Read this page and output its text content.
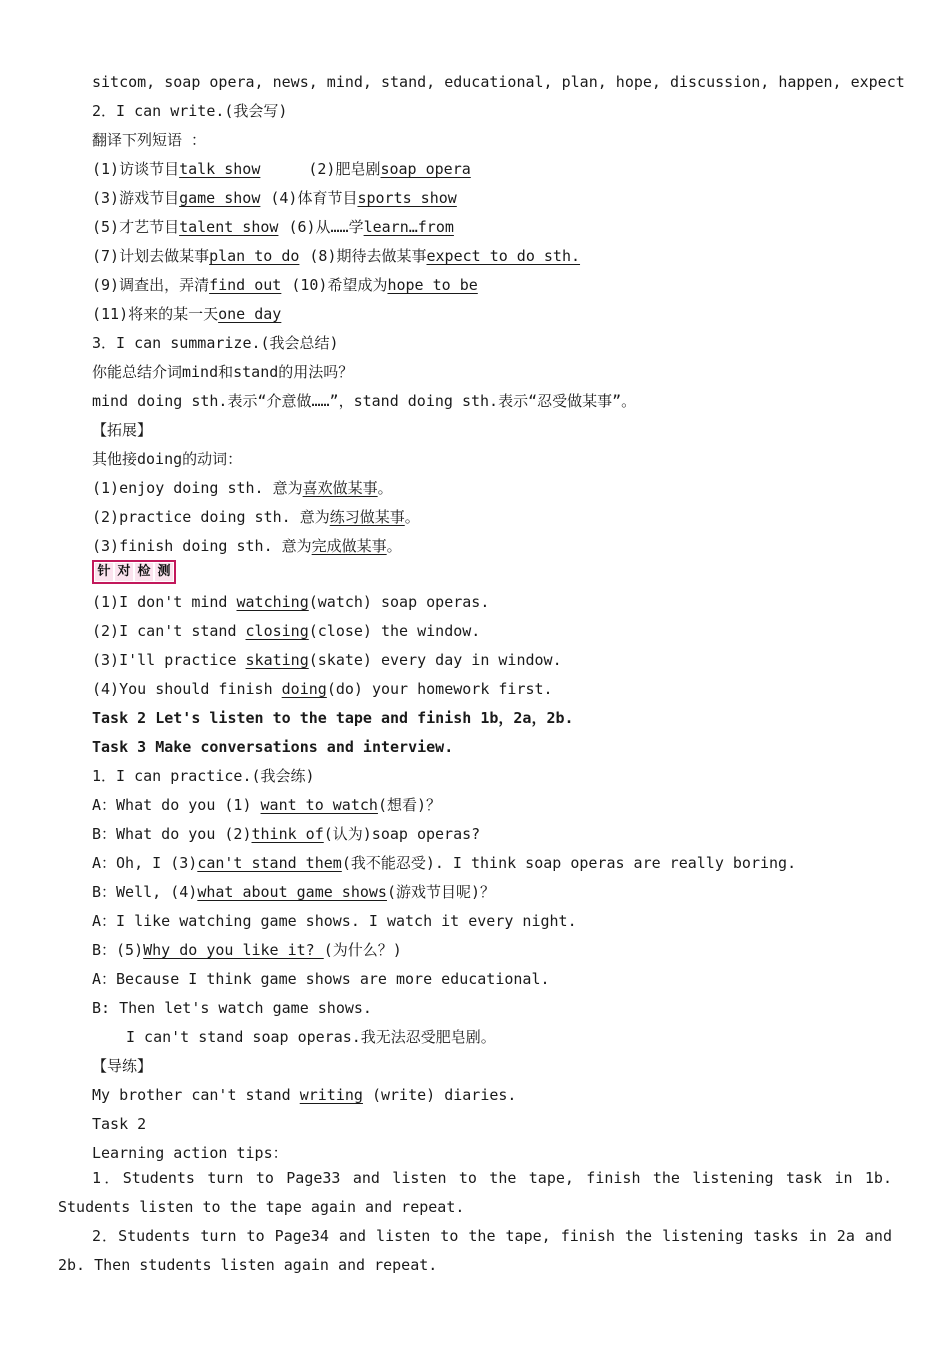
sitcom, soap opera, news, mind, stand, educational, plan, hope, discussion, happen, expect
2．I can write.(我会写)
翻译下列短语 ：
(1)访谈节目talk show	(2)肥皂剧soap opera
(3)游戏节目game show (4)体育节目sports show
(5)才艺节目talent show (6)从……学learn…from
(7)计划去做某事plan to do (8)期待去做某事expect to do sth.
(9)调查出，弄清find out (10)希望成为hope to be
(11)将来的某一天one day
3．I can summarize.(我会总结)
你能总结介词mind和stand的用法吗？
mind doing sth.表示“介意做……”，stand doing sth.表示“忍受做某事”。
【拓展】
其他接doing的动词：
(1)enjoy doing sth. 意为喜欢做某事。
(2)practice doing sth. 意为练习做某事。
(3)finish doing sth. 意为完成做某事。
针 对 检 测
(1)I don't mind watching(watch) soap operas.
(2)I can't stand closing(close) the window.
(3)I'll practice skating(skate) every day in window.
(4)You should finish doing(do) your homework first.
Task 2 Let's listen to the tape and finish 1b，2a，2b.
Task 3 Make conversations and interview.
1．I can practice.(我会练)
A：What do you (1) want to watch(想看)？
B：What do you (2)think of(认为)soap operas?
A：Oh, I (3)can't stand them(我不能忍受). I think soap operas are really boring.
B：Well, (4)what about game shows(游戏节目呢)？
A：I like watching game shows. I watch it every night.
B：(5)Why do you like it? (为什么？)
A：Because I think game shows are more educational.
B: Then let's watch game shows.
I can't stand soap operas.我无法忍受肥皂剧。
【导练】
My brother can't stand writing (write) diaries.
Task 2
Learning action tips：
1．Students turn to Page33 and listen to the tape, finish the listening task in 1b. Students listen to the tape again and repeat.
2．Students turn to Page34 and listen to the tape, finish the listening tasks in 2a and 2b. Then students listen again and repeat.
